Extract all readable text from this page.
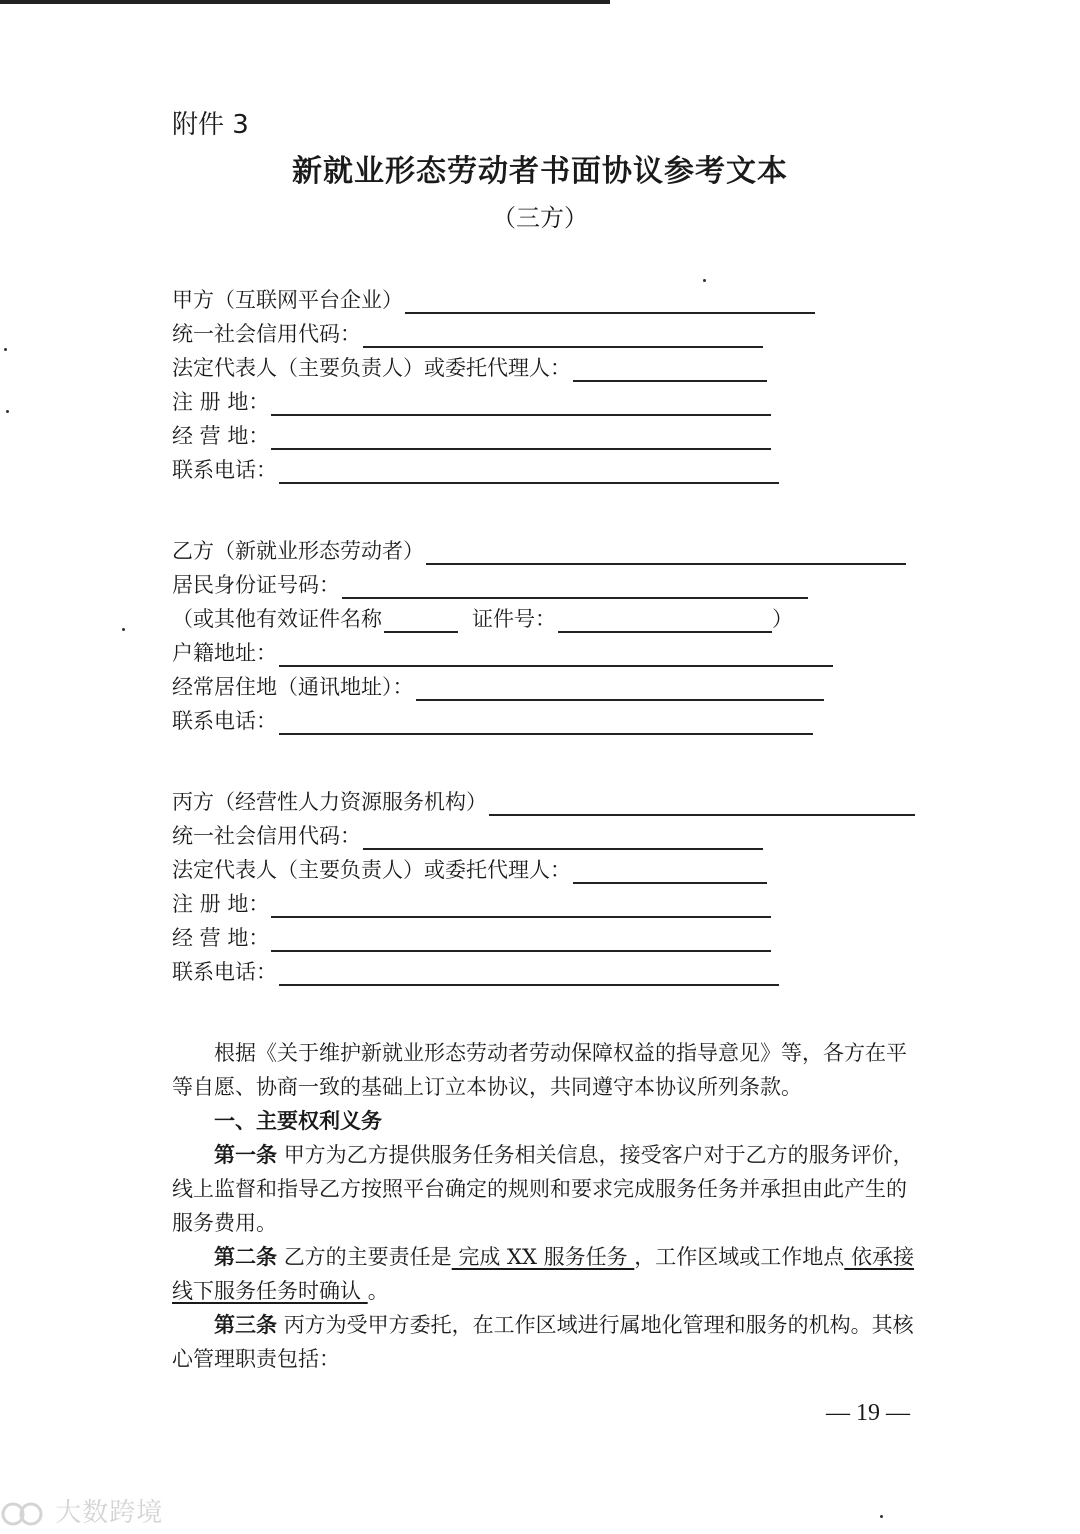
附件 3
新就业形态劳动者书面协议参考文本
（三方）
甲方（互联网平台企业）
统一社会信用代码：
法定代表人（主要负责人）或委托代理人：
注 册 地：
经 营 地：
联系电话：
乙方（新就业形态劳动者）
居民身份证号码：
（或其他有效证件名称	证件号：	）
户籍地址：
经常居住地（通讯地址）：
联系电话：
丙方（经营性人力资源服务机构）
统一社会信用代码：
法定代表人（主要负责人）或委托代理人：
注 册 地：
经 营 地：
联系电话：
根据《关于维护新就业形态劳动者劳动保障权益的指导意见》等，各方在平等自愿、协商一致的基础上订立本协议，共同遵守本协议所列条款。
一、主要权利义务
第一条 甲方为乙方提供服务任务相关信息，接受客户对于乙方的服务评价，线上监督和指导乙方按照平台确定的规则和要求完成服务任务并承担由此产生的服务费用。
第二条 乙方的主要责任是 完成 XX 服务任务 ，工作区域或工作地点 依承接线下服务任务时确认 。
第三条 丙方为受甲方委托，在工作区域进行属地化管理和服务的机构。其核心管理职责包括：
— 19 —
大数跨境
